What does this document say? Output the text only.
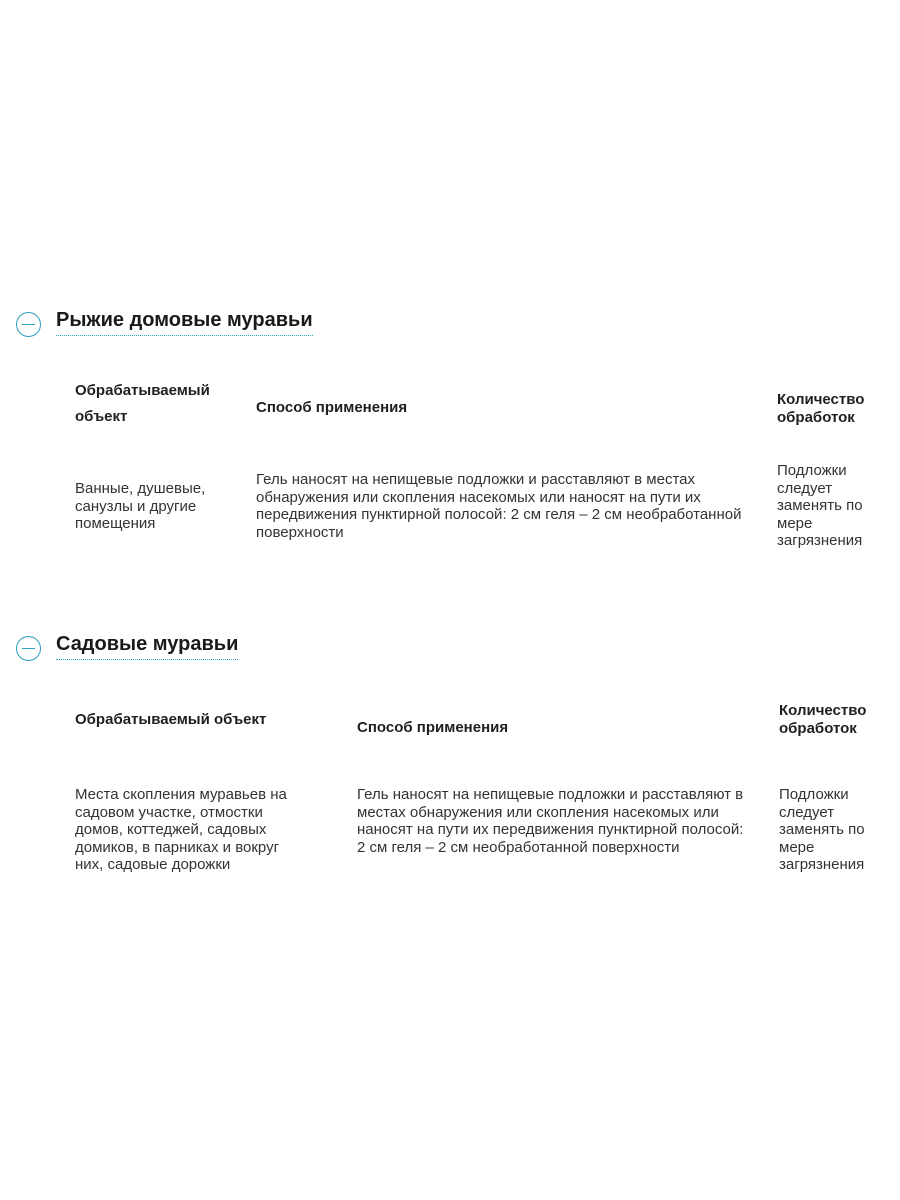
Рыжие домовые муравьи
Обрабатываемый объект
Способ применения	Количество обработок
Ванные, душевые, санузлы и другие помещения
Гель наносят на непищевые подложки и расставляют в местах обнаружения или скопления насекомых или наносят на пути их передвижения пунктирной полосой: 2 см геля – 2 см необработанной поверхности
Подложки следует заменять по мере загрязнения
Садовые муравьи
Обрабатываемый объект	Способ применения
Количество обработок
Места скопления муравьев на садовом участке, отмостки домов, коттеджей, садовых домиков, в парниках и вокруг них, садовые дорожки
Гель наносят на непищевые подложки и расставляют в местах обнаружения или скопления насекомых или наносят на пути их передвижения пунктирной полосой: 2 см геля – 2 см необработанной поверхности
Подложки следует заменять по мере загрязнения
